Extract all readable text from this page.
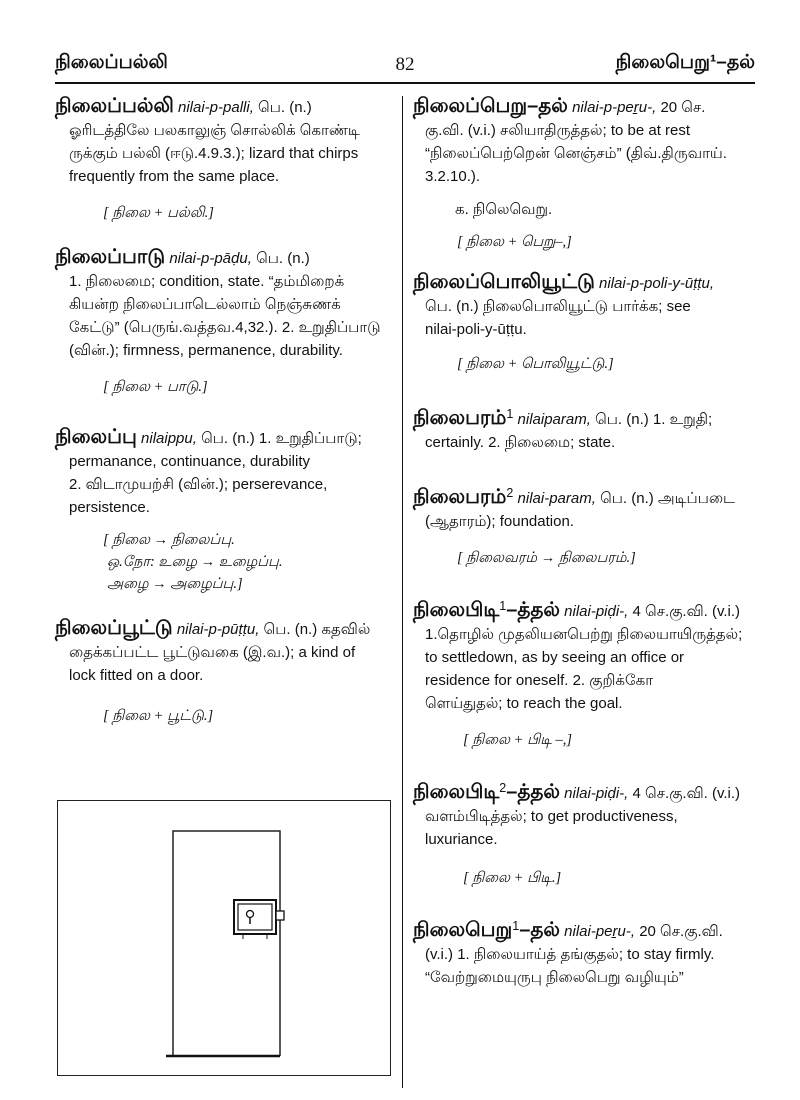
நிலைப்பல்லி	82	நிலைபெறு¹–தல்

நிலைப்பல்லி nilai-p-palli, பெ. (n.)

ஓரிடத்திலே பலகாலுஞ் சொல்லிக் கொண்டி

ருக்கும் பல்லி (ஈடு.4.9.3.); lizard that chirps

frequently from the same place.

[ நிலை + பல்லி.]

நிலைப்பாடு nilai-p-pāḍu, பெ. (n.)

1. நிலைமை; condition, state. “தம்மிறைக்

கியன்ற நிலைப்பாடெல்லாம் நெஞ்சுணக்

கேட்டு” (பெருங்.வத்தவ.4,32.). 2. உறுதிப்பாடு

(வின்.); firmness, permanence, durability.

[ நிலை + பாடு.]

நிலைப்பு nilaippu, பெ. (n.) 1. உறுதிப்பாடு;

permanance, continuance, durability

2. விடாமுயற்சி (வின்.); perserevance,

persistence.

[ நிலை → நிலைப்பு.

ஒ.நோ: உழை → உழைப்பு.

அழை → அழைப்பு.]

நிலைப்பூட்டு nilai-p-pūṭṭu, பெ. (n.) கதவில்

தைக்கப்பட்ட பூட்டுவகை (இ.வ.); a kind of

lock fitted on a door.

[ நிலை + பூட்டு.]

நிலைப்பெறு–தல் nilai-p-peṟu-, 20 செ.

கு.வி. (v.i.) சலியாதிருத்தல்; to be at rest

“நிலைப்பெற்றென் னெஞ்சம்” (திவ்.திருவாய்.

3.2.10.).

க. நிலெவெறு.

[ நிலை + பெறு–,]

நிலைப்பொலியூட்டு nilai-p-poli-y-ūṭṭu,

பெ. (n.) நிலைபொலியூட்டு பார்க்க; see

nilai-poli-y-ūṭṭu.

[ நிலை + பொலியூட்டு.]

நிலைபரம்$^1$ nilaiparam, பெ. (n.) 1. உறுதி;

certainly. 2. நிலைமை; state.

நிலைபரம்$^2$ nilai-param, பெ. (n.) அடிப்படை

(ஆதாரம்); foundation.

[ நிலைவரம் → நிலைபரம்.]

நிலைபிடி$^1$–த்தல் nilai-piḍi-, 4 செ.கு.வி. (v.i.)

1.தொழில் முதலியனபெற்று நிலையாயிருத்தல்;

to settledown, as by seeing an office or

residence for oneself. 2. குறிக்கோ

ளெய்துதல்; to reach the goal.

[ நிலை + பிடி –,]

நிலைபிடி$^2$–த்தல் nilai-piḍi-, 4 செ.கு.வி. (v.i.)

வளம்பிடித்தல்; to get productiveness,

luxuriance.

[ நிலை + பிடி.]

நிலைபெறு$^1$–தல் nilai-peṟu-, 20 செ.கு.வி.

(v.i.) 1. நிலையாய்த் தங்குதல்; to stay firmly.

“வேற்றுமையுருபு நிலைபெறு வழியும்”
